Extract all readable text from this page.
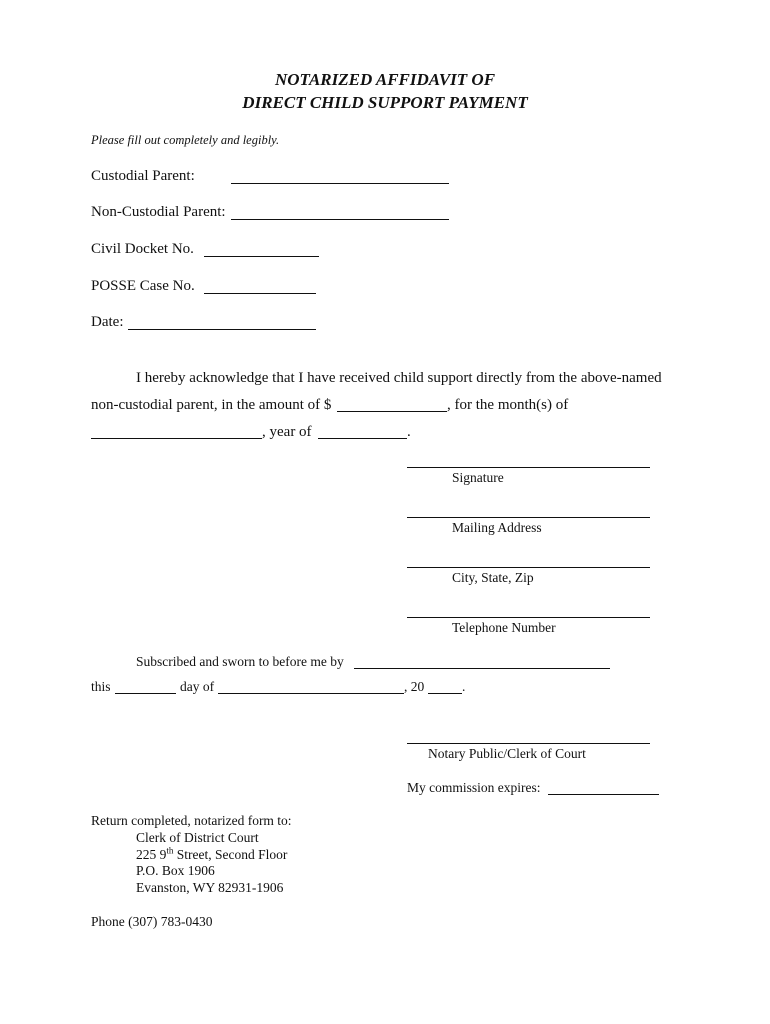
NOTARIZED AFFIDAVIT OF
DIRECT CHILD SUPPORT PAYMENT
Please fill out completely and legibly.
Custodial Parent:
Non-Custodial Parent:
Civil Docket No.
POSSE Case No.
Date:
I hereby acknowledge that I have received child support directly from the above-named
non-custodial parent, in the amount of $	, for the month(s) of
, year of	.
Signature
Mailing Address
City, State, Zip
Telephone Number
Subscribed and sworn to before me by
this	day of	, 20	.
Notary Public/Clerk of Court
My commission expires:
Return completed, notarized form to:
Clerk of District Court
225 9th Street, Second Floor
P.O. Box 1906
Evanston, WY 82931-1906
Phone (307) 783-0430
